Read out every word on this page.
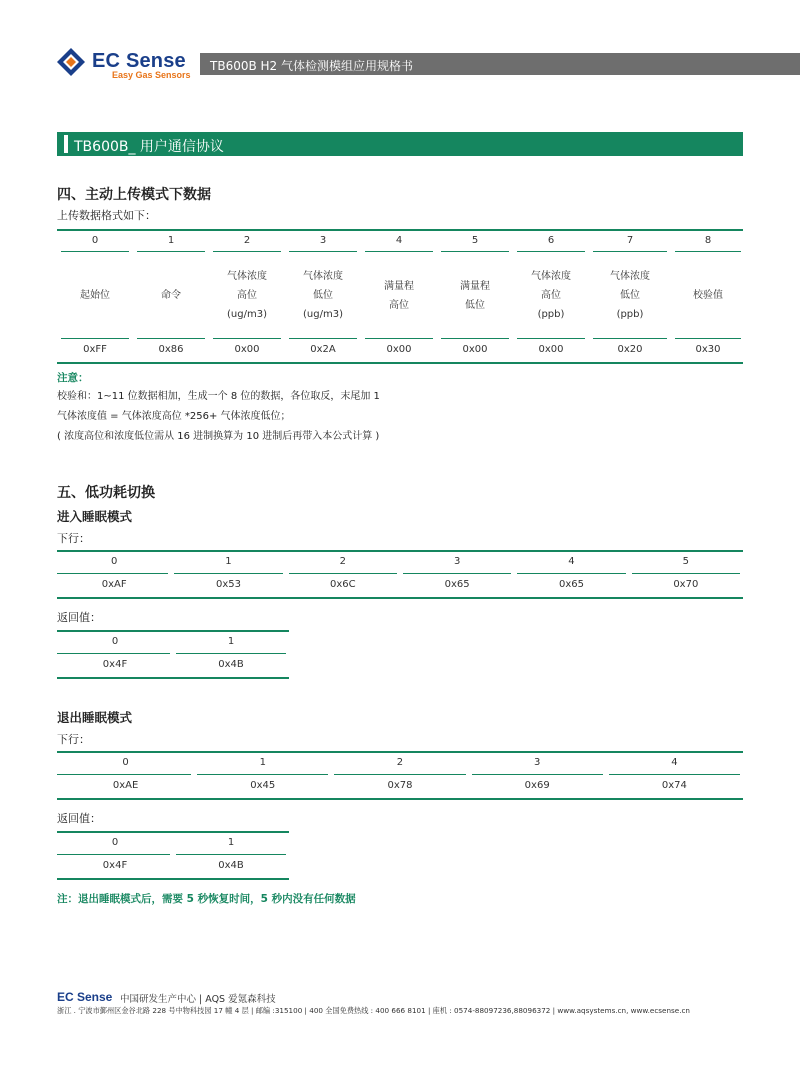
EC Sense
Easy Gas Sensors
TB600B H2 气体检测模组应用规格书
TB600B_ 用户通信协议
四、主动上传模式下数据
上传数据格式如下：
0
起始位
0xFF
1
命令
0x86
2
气体浓度
高位
(ug/m3)
0x00
3
气体浓度
低位
(ug/m3)
0x2A
4
满量程
高位
0x00
5
满量程
低位
0x00
6
气体浓度
高位
(ppb)
0x00
7
气体浓度
低位
(ppb)
0x20
8
校验值
0x30
注意：
校验和：1~11 位数据相加，生成一个 8 位的数据，各位取反，末尾加 1
气体浓度值 = 气体浓度高位 *256+ 气体浓度低位；
( 浓度高位和浓度低位需从 16 进制换算为 10 进制后再带入本公式计算 )
五、低功耗切换
进入睡眠模式
下行：
0
0xAF
1
0x53
2
0x6C
3
0x65
4
0x65
5
0x70
返回值：
0
0x4F
1
0x4B
退出睡眠模式
下行：
0
0xAE
1
0x45
2
0x78
3
0x69
4
0x74
返回值：
0
0x4F
1
0x4B
注：退出睡眠模式后，需要 5 秒恢复时间，5 秒内没有任何数据
EC Sense 中国研发生产中心 | AQS 爱氪森科技
浙江 . 宁波市鄞州区金谷北路 228 号中物科技园 17 幢 4 层 | 邮编 :315100 | 400 全国免费热线 : 400 666 8101 | 座机 : 0574-88097236,88096372 | www.aqsystems.cn, www.ecsense.cn
